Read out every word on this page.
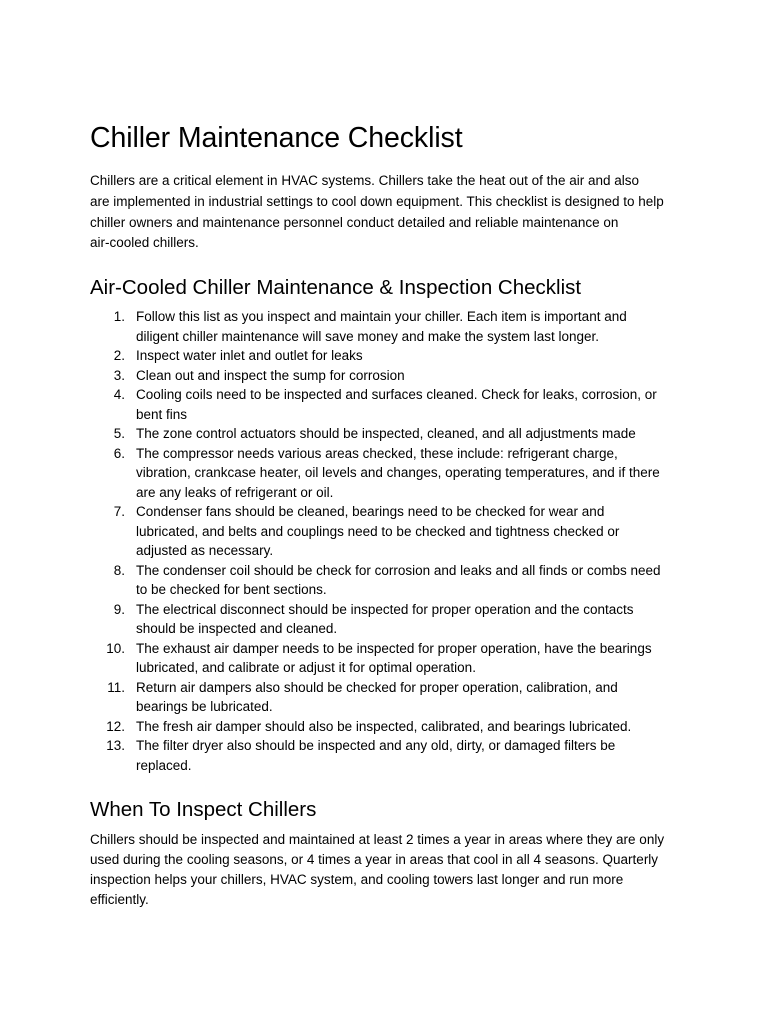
Chiller Maintenance Checklist

Chillers are a critical element in HVAC systems. Chillers take the heat out of the air and also
are implemented in industrial settings to cool down equipment. This checklist is designed to help
chiller owners and maintenance personnel conduct detailed and reliable maintenance on
air-cooled chillers.

Air-Cooled Chiller Maintenance & Inspection Checklist
1. Follow this list as you inspect and maintain your chiller. Each item is important and
diligent chiller maintenance will save money and make the system last longer.
2. Inspect water inlet and outlet for leaks
3. Clean out and inspect the sump for corrosion
4. Cooling coils need to be inspected and surfaces cleaned. Check for leaks, corrosion, or
bent fins
5. The zone control actuators should be inspected, cleaned, and all adjustments made
6. The compressor needs various areas checked, these include: refrigerant charge,
vibration, crankcase heater, oil levels and changes, operating temperatures, and if there
are any leaks of refrigerant or oil.
7. Condenser fans should be cleaned, bearings need to be checked for wear and
lubricated, and belts and couplings need to be checked and tightness checked or
adjusted as necessary.
8. The condenser coil should be check for corrosion and leaks and all finds or combs need
to be checked for bent sections.
9. The electrical disconnect should be inspected for proper operation and the contacts
should be inspected and cleaned.
10. The exhaust air damper needs to be inspected for proper operation, have the bearings
lubricated, and calibrate or adjust it for optimal operation.
11. Return air dampers also should be checked for proper operation, calibration, and
bearings be lubricated.
12. The fresh air damper should also be inspected, calibrated, and bearings lubricated.
13. The filter dryer also should be inspected and any old, dirty, or damaged filters be
replaced.
When To Inspect Chillers

Chillers should be inspected and maintained at least 2 times a year in areas where they are only
used during the cooling seasons, or 4 times a year in areas that cool in all 4 seasons. Quarterly
inspection helps your chillers, HVAC system, and cooling towers last longer and run more
efficiently.
